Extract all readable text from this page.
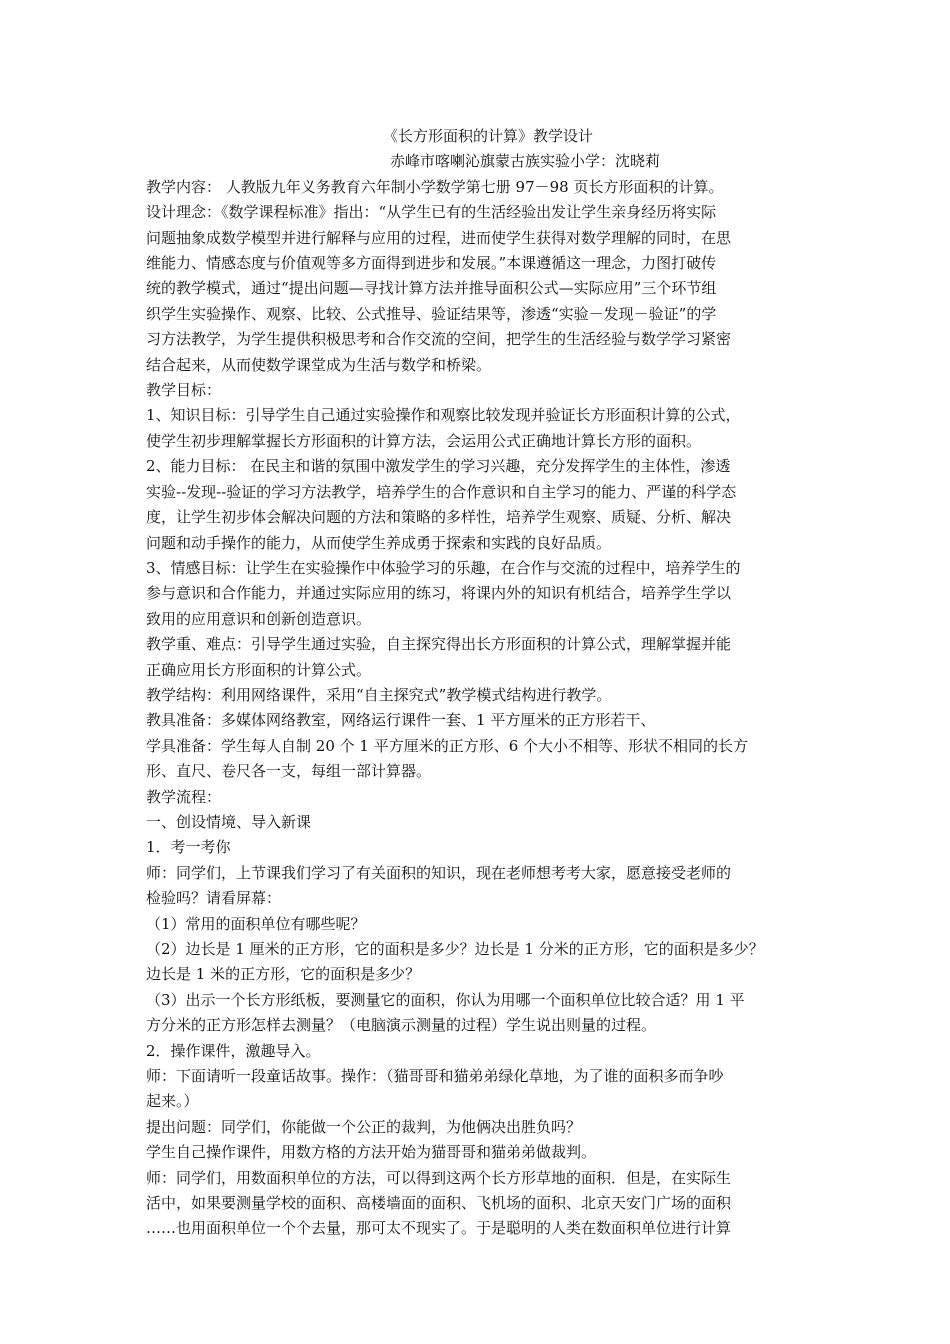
《长方形面积的计算》教学设计
赤峰市喀喇沁旗蒙古族实验小学：沈晓莉
教学内容： 人教版九年义务教育六年制小学数学第七册 97－98 页长方形面积的计算。
设计理念：《数学课程标准》指出：“从学生已有的生活经验出发让学生亲身经历将实际
问题抽象成数学模型并进行解释与应用的过程，进而使学生获得对数学理解的同时，在思
维能力、情感态度与价值观等多方面得到进步和发展。”本课遵循这一理念，力图打破传
统的教学模式，通过“提出问题—寻找计算方法并推导面积公式—实际应用”三个环节组
织学生实验操作、观察、比较、公式推导、验证结果等，渗透“实验－发现－验证”的学
习方法教学，为学生提供积极思考和合作交流的空间，把学生的生活经验与数学学习紧密
结合起来，从而使数学课堂成为生活与数学和桥梁。
教学目标：
1、知识目标：引导学生自己通过实验操作和观察比较发现并验证长方形面积计算的公式，
使学生初步理解掌握长方形面积的计算方法，会运用公式正确地计算长方形的面积。
2、能力目标： 在民主和谐的氛围中激发学生的学习兴趣，充分发挥学生的主体性，渗透
实验--发现--验证的学习方法教学，培养学生的合作意识和自主学习的能力、严谨的科学态
度，让学生初步体会解决问题的方法和策略的多样性，培养学生观察、质疑、分析、解决
问题和动手操作的能力，从而使学生养成勇于探索和实践的良好品质。
3、情感目标：让学生在实验操作中体验学习的乐趣，在合作与交流的过程中，培养学生的
参与意识和合作能力，并通过实际应用的练习，将课内外的知识有机结合，培养学生学以
致用的应用意识和创新创造意识。
教学重、难点：引导学生通过实验，自主探究得出长方形面积的计算公式，理解掌握并能
正确应用长方形面积的计算公式。
教学结构：利用网络课件，采用“自主探究式”教学模式结构进行教学。
教具准备：多媒体网络教室，网络运行课件一套、1 平方厘米的正方形若干、
学具准备：学生每人自制 20 个 1 平方厘米的正方形、6 个大小不相等、形状不相同的长方
形、直尺、卷尺各一支，每组一部计算器。
教学流程：
一、创设情境、导入新课
1．考一考你
师：同学们，上节课我们学习了有关面积的知识，现在老师想考考大家，愿意接受老师的
检验吗？请看屏幕：
（1）常用的面积单位有哪些呢？
（2）边长是 1 厘米的正方形，它的面积是多少？边长是 1 分米的正方形，它的面积是多少？
边长是 1 米的正方形，它的面积是多少？
（3）出示一个长方形纸板，要测量它的面积，你认为用哪一个面积单位比较合适？用 1 平
方分米的正方形怎样去测量？（电脑演示测量的过程）学生说出则量的过程。
2．操作课件，激趣导入。
师：下面请听一段童话故事。操作：（猫哥哥和猫弟弟绿化草地，为了谁的面积多而争吵
起来。）
提出问题：同学们，你能做一个公正的裁判，为他俩决出胜负吗？
学生自己操作课件，用数方格的方法开始为猫哥哥和猫弟弟做裁判。
师：同学们，用数面积单位的方法，可以得到这两个长方形草地的面积．但是，在实际生
活中，如果要测量学校的面积、高楼墙面的面积、飞机场的面积、北京天安门广场的面积
……也用面积单位一个个去量，那可太不现实了。于是聪明的人类在数面积单位进行计算
